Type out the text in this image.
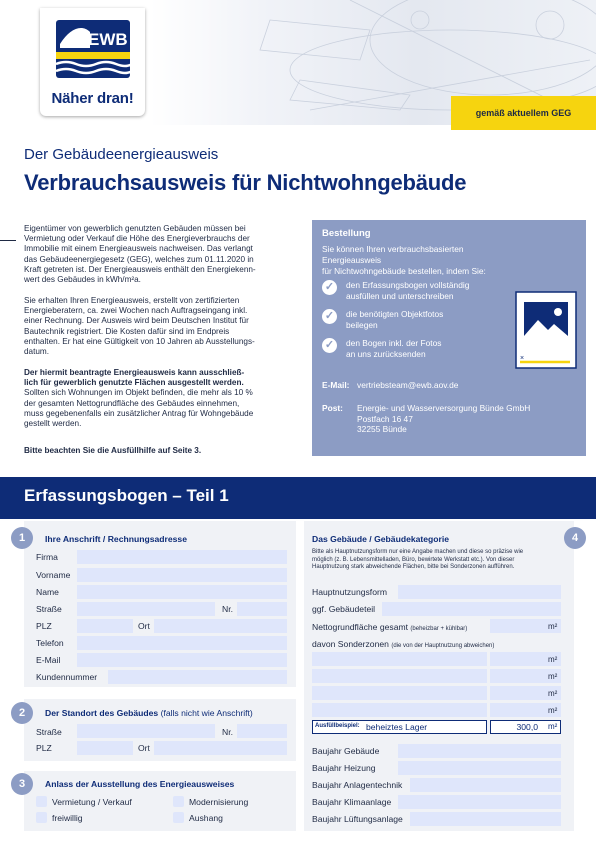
EWB
Näher dran!
gemäß aktuellem GEG
Der Gebäudeenergieausweis
Verbrauchsausweis für Nichtwohngebäude
Eigentümer von gewerblich genutzten Gebäuden müssen bei
Vermietung oder Verkauf die Höhe des Energieverbrauchs der
Immobilie mit einem Energieausweis nachweisen. Das verlangt
das Gebäudeenergiegesetz (GEG), welches zum 01.11.2020 in
Kraft getreten ist. Der Energieausweis enthält den Energiekenn-
wert des Gebäudes in kWh/m²a.
Sie erhalten Ihren Energieausweis, erstellt von zertifizierten
Energieberatern, ca. zwei Wochen nach Auftragseingang inkl.
einer Rechnung. Der Ausweis wird beim Deutschen Institut für
Bautechnik registriert. Die Kosten dafür sind im Endpreis
enthalten. Er hat eine Gültigkeit von 10 Jahren ab Ausstellungs-
datum.
Der hiermit beantragte Energieausweis kann ausschließ-
lich für gewerblich genutzte Flächen ausgestellt werden.
Sollten sich Wohnungen im Objekt befinden, die mehr als 10 %
der gesamten Nettogrundfläche des Gebäudes einnehmen,
muss gegebenenfalls ein zusätzlicher Antrag für Wohngebäude
gestellt werden.
Bitte beachten Sie die Ausfüllhilfe auf Seite 3.
Bestellung
Sie können Ihren verbrauchsbasierten Energieausweis
für Nichtwohngebäude bestellen, indem Sie:
✓	den Erfassungsbogen vollständig
ausfüllen und unterschreiben
✓	die benötigten Objektfotos
beilegen
✓	den Bogen inkl. der Fotos
an uns zurücksenden
E-Mail: vertriebsteam@ewb.aov.de
Post:	Energie- und Wasserversorgung Bünde GmbH
Postfach 16 47
32255 Bünde
×
Erfassungsbogen – Teil 1
1	Ihre Anschrift / Rechnungsadresse
Firma
Vorname
Name
Straße	Nr.
PLZ	Ort
Telefon
E-Mail
Kundennummer
2	Der Standort des Gebäudes (falls nicht wie Anschrift)
Straße	Nr.
PLZ	Ort
3	Anlass der Ausstellung des Energieausweises
Vermietung / Verkauf	Modernisierung
freiwillig	Aushang
4
Das Gebäude / Gebäudekategorie
Bitte als Hauptnutzungsform nur eine Angabe machen und diese so präzise wie
möglich (z. B. Lebensmittelladen, Büro, bewirtete Werkstatt etc.). Von dieser
Hauptnutzung stark abweichende Flächen, bitte bei Sonderzonen aufführen.
Hauptnutzungsform
ggf. Gebäudeteil
Nettogrundfläche gesamt (beheizbar + kühlbar)	m²
davon Sonderzonen (die von der Hauptnutzung abweichen)
m²
m²
m²
m²
Ausfüllbeispiel: beheiztes Lager	300,0 m²
Baujahr Gebäude
Baujahr Heizung
Baujahr Anlagentechnik
Baujahr Klimaanlage
Baujahr Lüftungsanlage
